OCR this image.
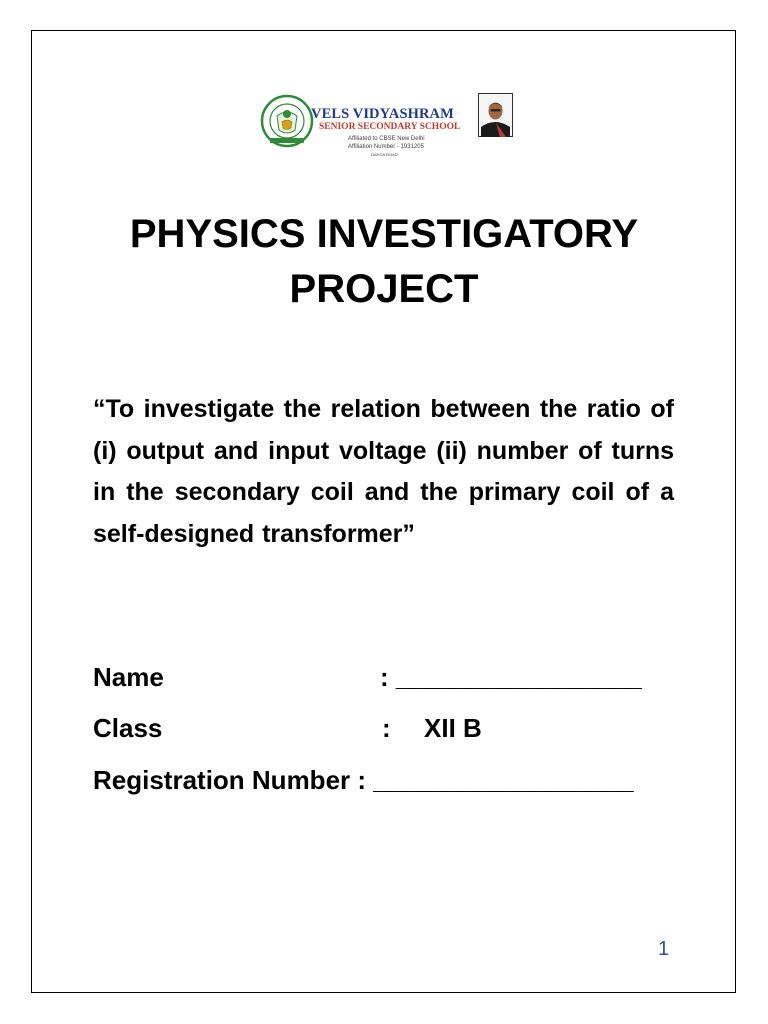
VELS VIDYASHRAM
SENIOR SECONDARY SCHOOL
Affiliated to CBSE New Delhi
Affiliation Number - 1931205
DARGA ROAD
PHYSICS INVESTIGATORY
PROJECT
“To investigate the relation between the ratio of (i) output and input voltage (ii) number of turns in the secondary coil and the primary coil of a self-designed transformer”
Name	: _________________
Class	: XII B
Registration Number : __________________
1
